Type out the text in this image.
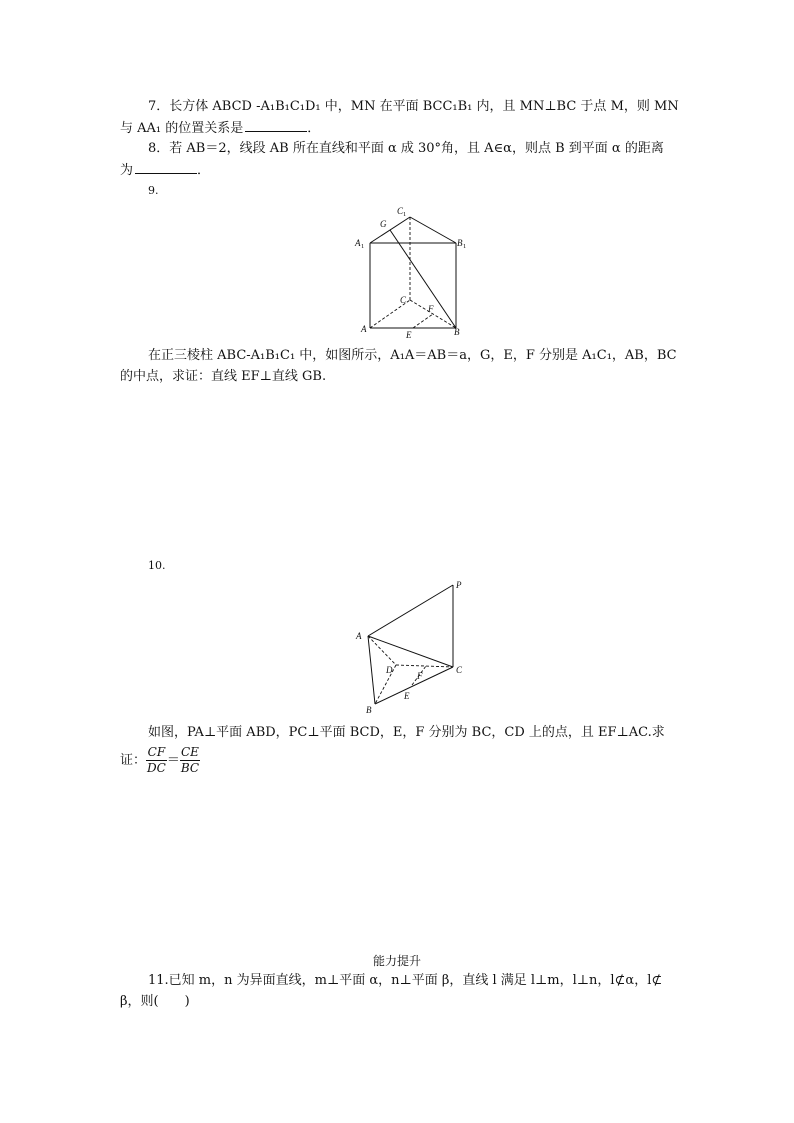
7．长方体 ABCD -A₁B₁C₁D₁ 中，MN 在平面 BCC₁B₁ 内，且 MN⊥BC 于点 M，则 MN
与 AA₁ 的位置关系是	．
8．若 AB＝2，线段 AB 所在直线和平面 α 成 30°角，且 A∈α，则点 B 到平面 α 的距离
为	．
9.
C 1
G
A 1	B 1
C
F
A
E	B
在正三棱柱 ABC-A₁B₁C₁ 中，如图所示，A₁A＝AB＝a，G，E，F 分别是 A₁C₁，AB，BC
的中点，求证：直线 EF⊥直线 GB.
10.
P
A
D
F
C
E
B
如图，PA⊥平面 ABD，PC⊥平面 BCD，E，F 分别为 BC，CD 上的点，且 EF⊥AC.求
证： $\frac{CF}{DC} = \frac{CE}{BC}$
能力提升
11.已知 m，n 为异面直线，m⊥平面 α，n⊥平面 β，直线 l 满足 l⊥m，l⊥n，l⊄α，l⊄
β，则( )
